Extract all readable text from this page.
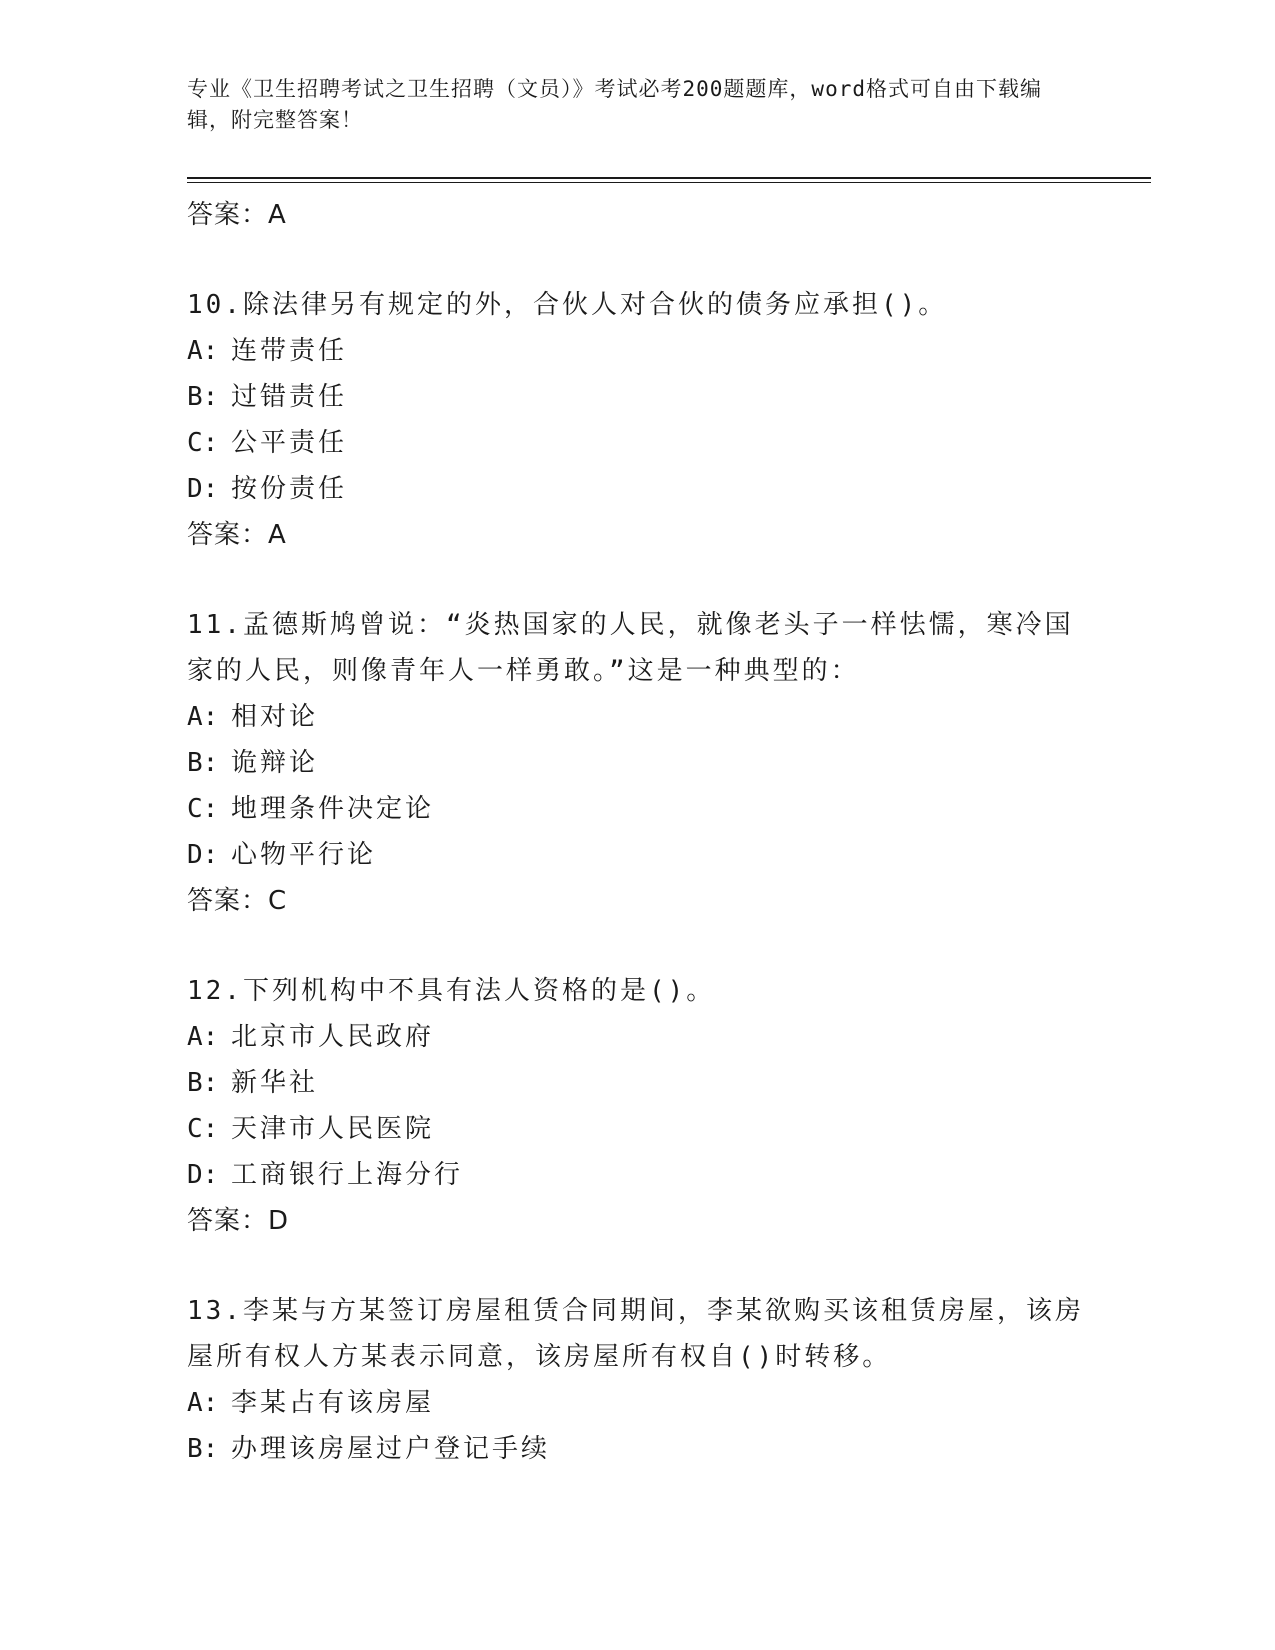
专业《卫生招聘考试之卫生招聘（文员）》考试必考200题题库，word格式可自由下载编辑，附完整答案！
答案：A
10.除法律另有规定的外，合伙人对合伙的债务应承担()。
A: 连带责任
B: 过错责任
C: 公平责任
D: 按份责任
答案：A
11.孟德斯鸠曾说：“炎热国家的人民，就像老头子一样怯懦，寒冷国家的人民，则像青年人一样勇敢。”这是一种典型的：
A: 相对论
B: 诡辩论
C: 地理条件决定论
D: 心物平行论
答案：C
12.下列机构中不具有法人资格的是()。
A: 北京市人民政府
B: 新华社
C: 天津市人民医院
D: 工商银行上海分行
答案：D
13.李某与方某签订房屋租赁合同期间，李某欲购买该租赁房屋，该房屋所有权人方某表示同意，该房屋所有权自()时转移。
A: 李某占有该房屋
B: 办理该房屋过户登记手续
